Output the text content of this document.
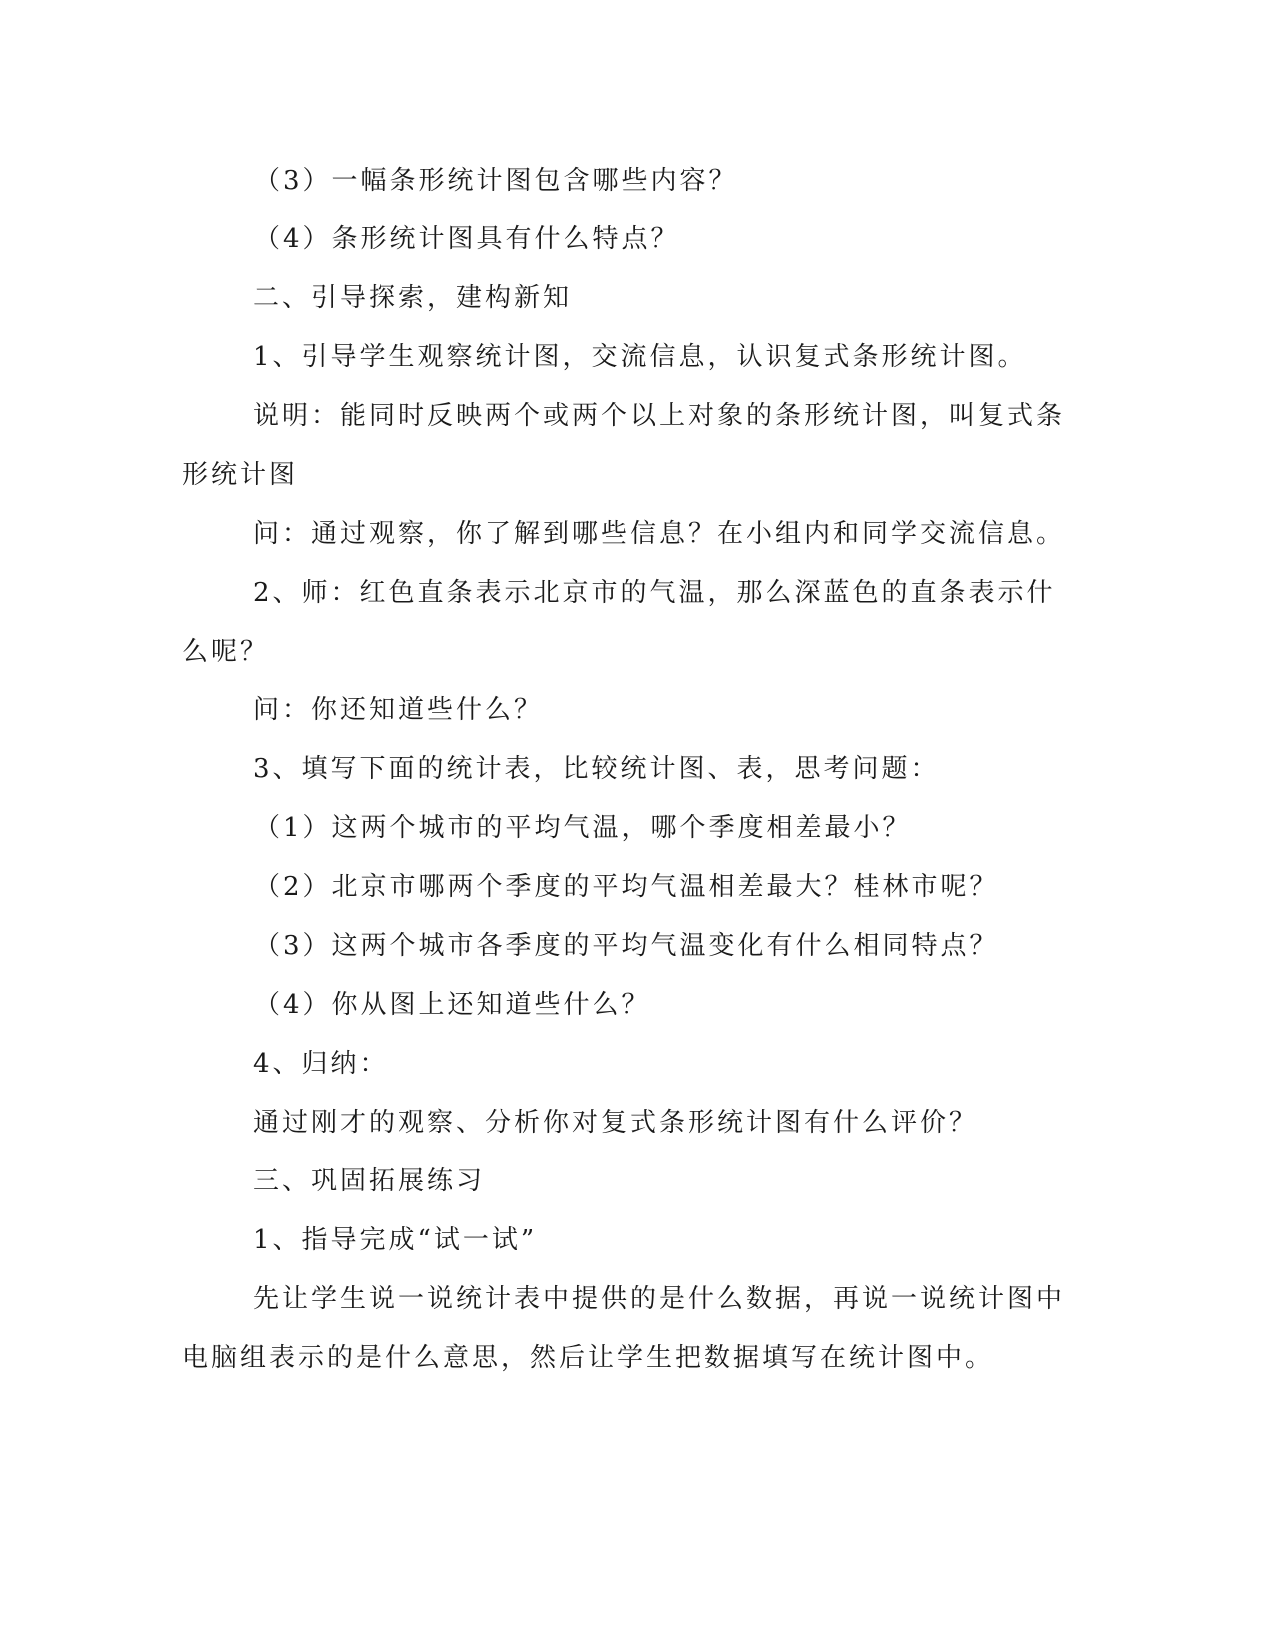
（3）一幅条形统计图包含哪些内容？
（4）条形统计图具有什么特点？
二、引导探索，建构新知
1、引导学生观察统计图，交流信息，认识复式条形统计图。
说明：能同时反映两个或两个以上对象的条形统计图，叫复式条
形统计图
问：通过观察，你了解到哪些信息？在小组内和同学交流信息。
2、师：红色直条表示北京市的气温，那么深蓝色的直条表示什
么呢？
问：你还知道些什么？
3、填写下面的统计表，比较统计图、表，思考问题：
（1）这两个城市的平均气温，哪个季度相差最小？
（2）北京市哪两个季度的平均气温相差最大？桂林市呢？
（3）这两个城市各季度的平均气温变化有什么相同特点？
（4）你从图上还知道些什么？
4、归纳：
通过刚才的观察、分析你对复式条形统计图有什么评价？
三、巩固拓展练习
1、指导完成“试一试”
先让学生说一说统计表中提供的是什么数据，再说一说统计图中
电脑组表示的是什么意思，然后让学生把数据填写在统计图中。
